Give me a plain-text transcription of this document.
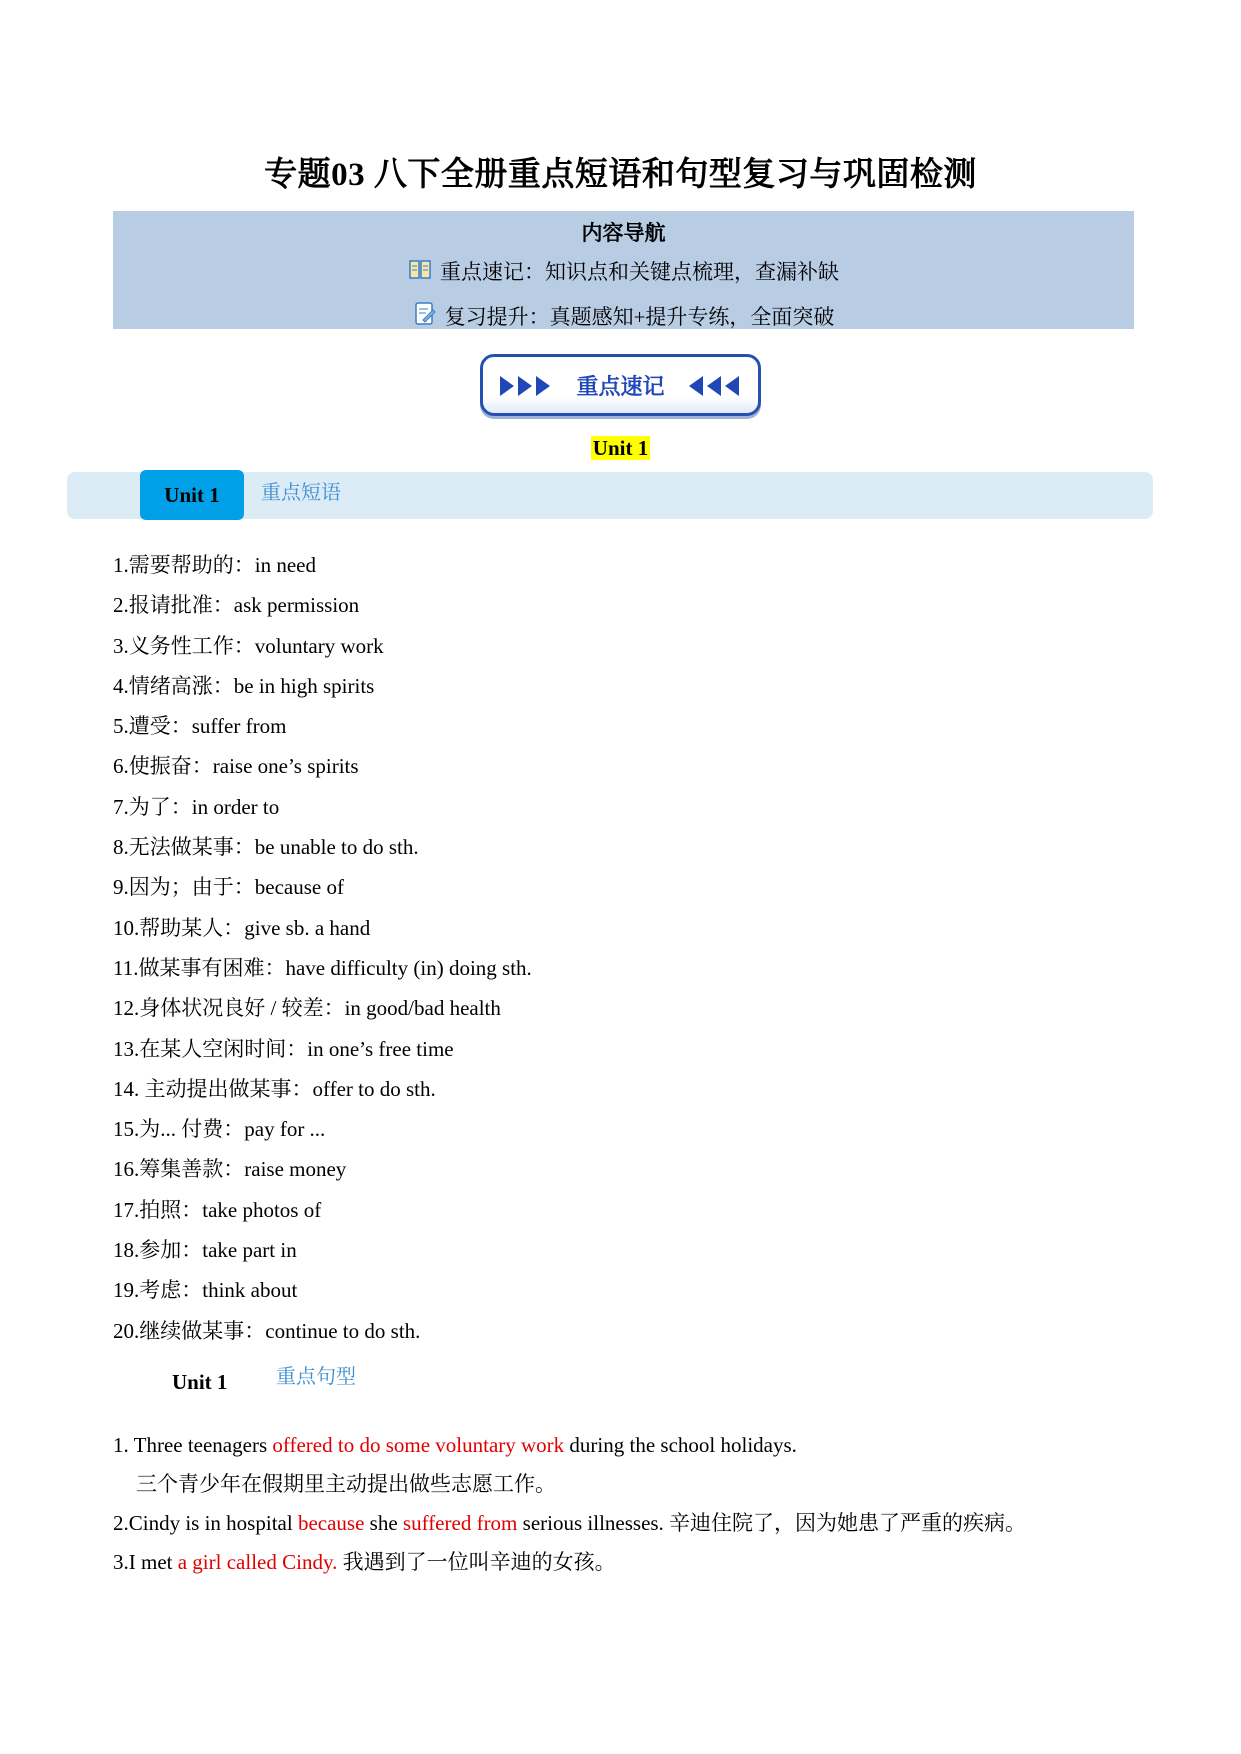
专题03 八下全册重点短语和句型复习与巩固检测
内容导航
重点速记：知识点和关键点梳理，查漏补缺
复习提升：真题感知+提升专练，全面突破
重点速记
Unit 1
Unit 1	重点短语
1.需要帮助的：in need
2.报请批准：ask permission
3.义务性工作：voluntary work
4.情绪高涨：be in high spirits
5.遭受：suffer from
6.使振奋：raise one’s spirits
7.为了：in order to
8.无法做某事：be unable to do sth.
9.因为；由于：because of
10.帮助某人：give sb. a hand
11.做某事有困难：have difficulty (in) doing sth.
12.身体状况良好 / 较差：in good/bad health
13.在某人空闲时间：in one’s free time
14. 主动提出做某事：offer to do sth.
15.为... 付费：pay for ...
16.筹集善款：raise money
17.拍照：take photos of
18.参加：take part in
19.考虑：think about
20.继续做某事：continue to do sth.
Unit 1 重点句型
1. Three teenagers offered to do some voluntary work during the school holidays.
三个青少年在假期里主动提出做些志愿工作。
2.Cindy is in hospital because she suffered from serious illnesses. 辛迪住院了，因为她患了严重的疾病。
3.I met a girl called Cindy. 我遇到了一位叫辛迪的女孩。
